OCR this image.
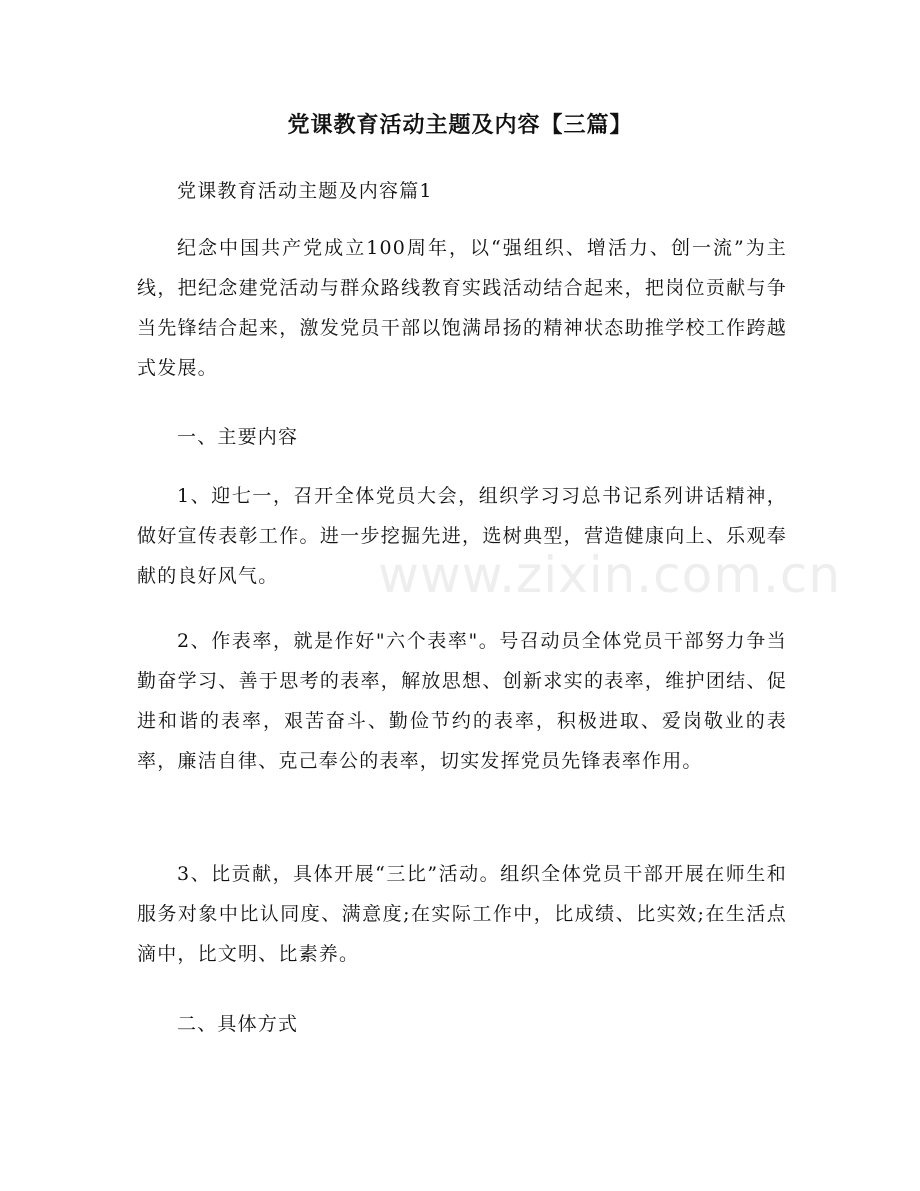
党课教育活动主题及内容【三篇】

党课教育活动主题及内容篇1

纪念中国共产党成立100周年，以“强组织、增活力、创一流”为主线，把纪念建党活动与群众路线教育实践活动结合起来，把岗位贡献与争当先锋结合起来，激发党员干部以饱满昂扬的精神状态助推学校工作跨越式发展。

一、主要内容

1、迎七一，召开全体党员大会，组织学习习总书记系列讲话精神，做好宣传表彰工作。进一步挖掘先进，选树典型，营造健康向上、乐观奉献的良好风气。

2、作表率，就是作好"六个表率"。号召动员全体党员干部努力争当勤奋学习、善于思考的表率，解放思想、创新求实的表率，维护团结、促进和谐的表率，艰苦奋斗、勤俭节约的表率，积极进取、爱岗敬业的表率，廉洁自律、克己奉公的表率，切实发挥党员先锋表率作用。

3、比贡献，具体开展“三比”活动。组织全体党员干部开展在师生和服务对象中比认同度、满意度;在实际工作中，比成绩、比实效;在生活点滴中，比文明、比素养。

二、具体方式

www.zixin.com.cn
